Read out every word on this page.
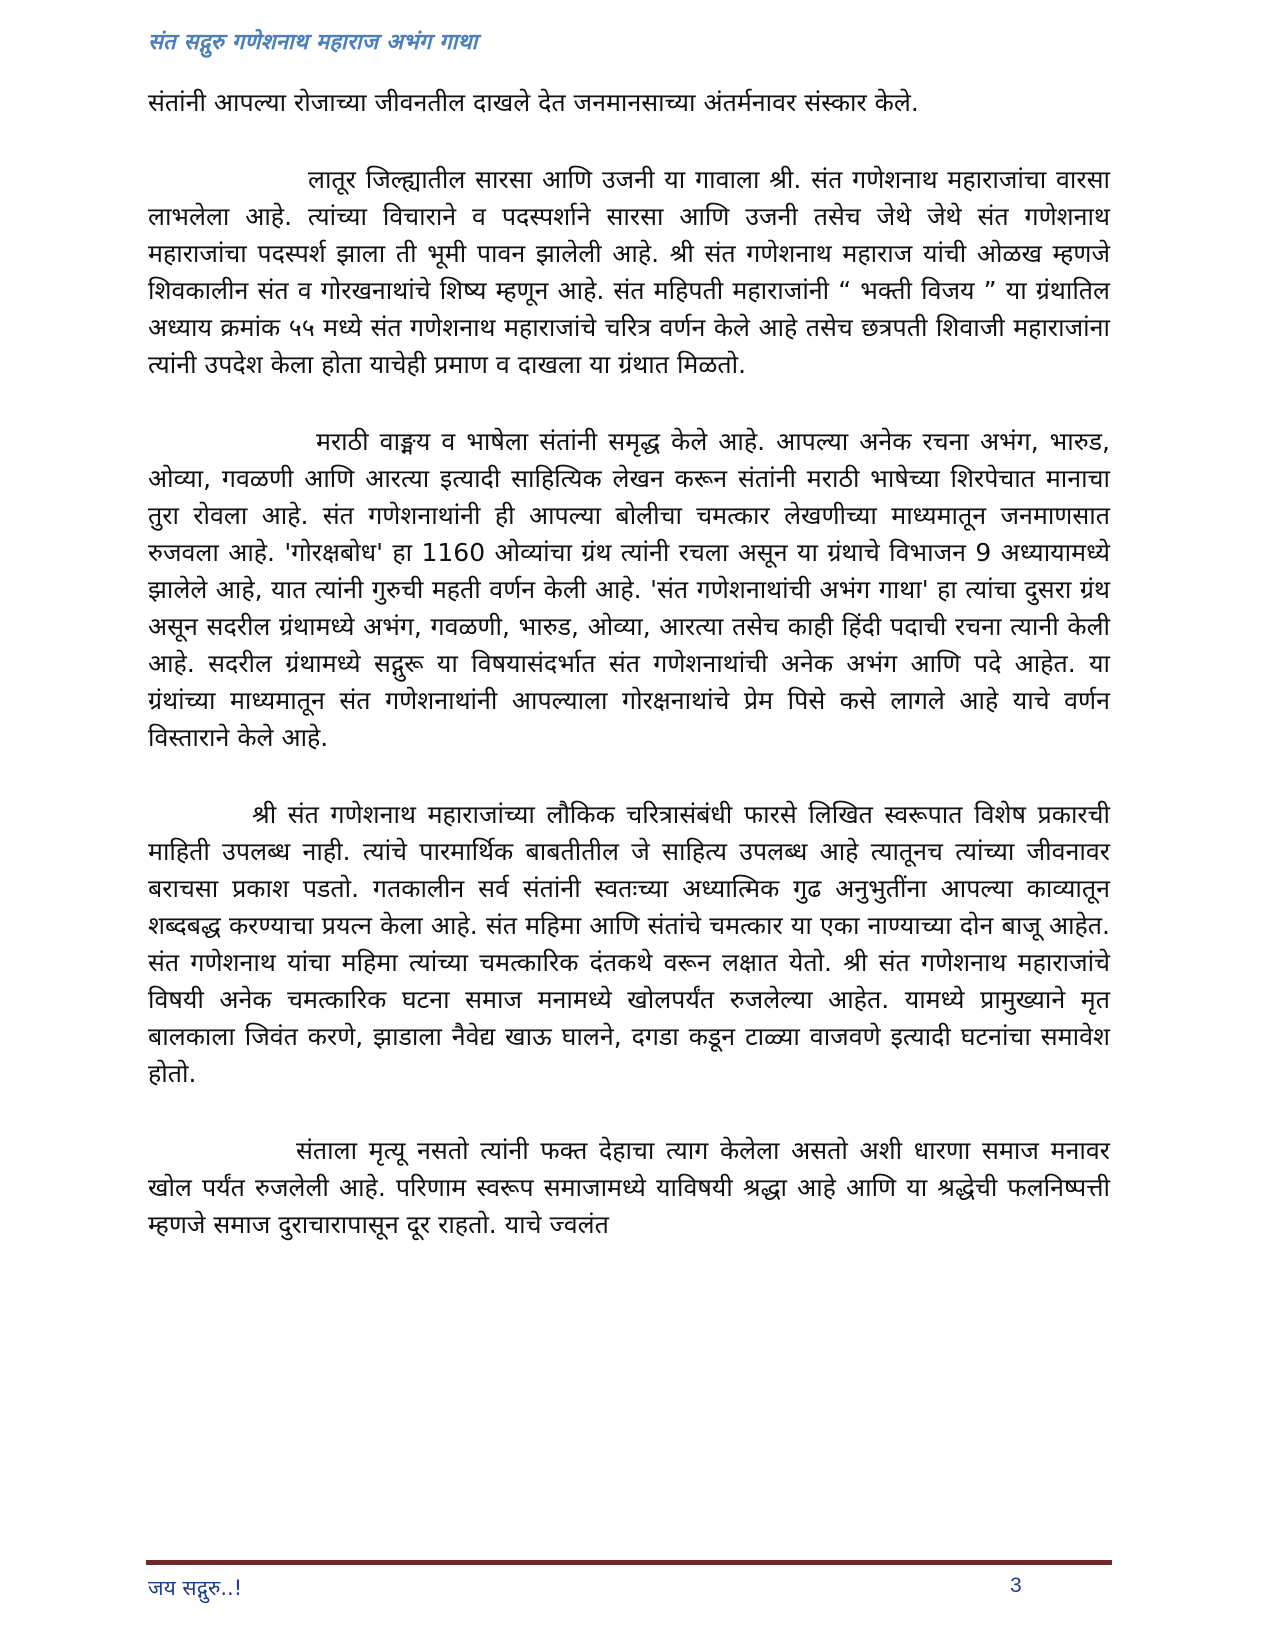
संत सद्गुरु गणेशनाथ महाराज अभंग गाथा

संतांनी आपल्या रोजाच्या जीवनतील दाखले देत जनमानसाच्या अंतर्मनावर संस्कार केले.

लातूर जिल्ह्यातील सारसा आणि उजनी या गावाला श्री. संत गणेशनाथ महाराजांचा वारसा लाभलेला आहे. त्यांच्या विचाराने व पदस्पर्शाने सारसा आणि उजनी तसेच जेथे जेथे संत गणेशनाथ महाराजांचा पदस्पर्श झाला ती भूमी पावन झालेली आहे. श्री संत गणेशनाथ महाराज यांची ओळख म्हणजे शिवकालीन संत व गोरखनाथांचे शिष्य म्हणून आहे. संत महिपती महाराजांनी “ भक्ती विजय ” या ग्रंथातिल अध्याय क्रमांक ५५ मध्ये संत गणेशनाथ महाराजांचे चरित्र वर्णन केले आहे तसेच छत्रपती शिवाजी महाराजांना त्यांनी उपदेश केला होता याचेही प्रमाण व दाखला या ग्रंथात मिळतो.

मराठी वाङ्मय व भाषेला संतांनी समृद्ध केले आहे. आपल्या अनेक रचना अभंग, भारुड, ओव्या, गवळणी आणि आरत्या इत्यादी साहित्यिक लेखन करून संतांनी मराठी भाषेच्या शिरपेचात मानाचा तुरा रोवला आहे. संत गणेशनाथांनी ही आपल्या बोलीचा चमत्कार लेखणीच्या माध्यमातून जनमाणसात रुजवला आहे. 'गोरक्षबोध' हा 1160 ओव्यांचा ग्रंथ त्यांनी रचला असून या ग्रंथाचे विभाजन 9 अध्यायामध्ये झालेले आहे, यात त्यांनी गुरुची महती वर्णन केली आहे. 'संत गणेशनाथांची अभंग गाथा' हा त्यांचा दुसरा ग्रंथ असून सदरील ग्रंथामध्ये अभंग, गवळणी, भारुड, ओव्या, आरत्या तसेच काही हिंदी पदाची रचना त्यानी केली आहे. सदरील ग्रंथामध्ये सद्गुरू या विषयासंदर्भात संत गणेशनाथांची अनेक अभंग आणि पदे आहेत. या ग्रंथांच्या माध्यमातून संत गणेशनाथांनी आपल्याला गोरक्षनाथांचे प्रेम पिसे कसे लागले आहे याचे वर्णन विस्ताराने केले आहे.

श्री संत गणेशनाथ महाराजांच्या लौकिक चरित्रासंबंधी फारसे लिखित स्वरूपात विशेष प्रकारची माहिती उपलब्ध नाही. त्यांचे पारमार्थिक बाबतीतील जे साहित्य उपलब्ध आहे त्यातूनच त्यांच्या जीवनावर बराचसा प्रकाश पडतो. गतकालीन सर्व संतांनी स्वतःच्या अध्यात्मिक गुढ अनुभुतींना आपल्या काव्यातून शब्दबद्ध करण्याचा प्रयत्न केला आहे. संत महिमा आणि संतांचे चमत्कार या एका नाण्याच्या दोन बाजू आहेत. संत गणेशनाथ यांचा महिमा त्यांच्या चमत्कारिक दंतकथे वरून लक्षात येतो. श्री संत गणेशनाथ महाराजांचे विषयी अनेक चमत्कारिक घटना समाज मनामध्ये खोलपर्यंत रुजलेल्या आहेत. यामध्ये प्रामुख्याने मृत बालकाला जिवंत करणे, झाडाला नैवेद्य खाऊ घालने, दगडा कडून टाळ्या वाजवणे इत्यादी घटनांचा समावेश होतो.

संताला मृत्यू नसतो त्यांनी फक्त देहाचा त्याग केलेला असतो अशी धारणा समाज मनावर खोल पर्यंत रुजलेली आहे. परिणाम स्वरूप समाजामध्ये याविषयी श्रद्धा आहे आणि या श्रद्धेची फलनिष्पत्ती म्हणजे समाज दुराचारापासून दूर राहतो. याचे ज्वलंत

जय सद्गुरु..!	3
